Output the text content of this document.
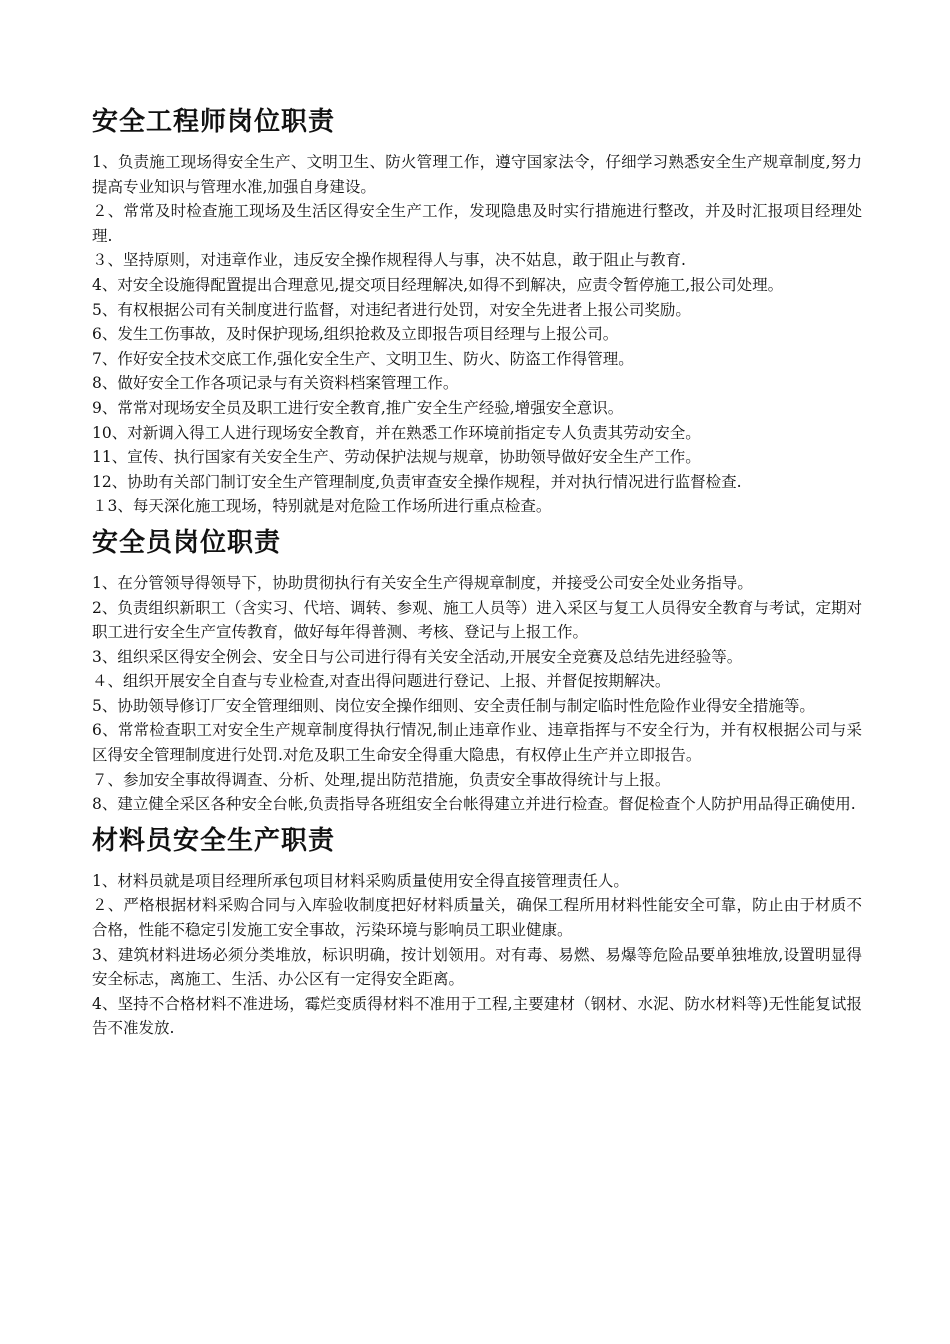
安全工程师岗位职责

1、负责施工现场得安全生产、文明卫生、防火管理工作，遵守国家法令，仔细学习熟悉安全生产规章制度,努力提高专业知识与管理水准,加强自身建设。

２、常常及时检查施工现场及生活区得安全生产工作，发现隐患及时实行措施进行整改，并及时汇报项目经理处理.

３、坚持原则，对违章作业，违反安全操作规程得人与事，决不姑息，敢于阻止与教育.

4、对安全设施得配置提出合理意见,提交项目经理解决,如得不到解决，应责令暂停施工,报公司处理。

5、有权根据公司有关制度进行监督，对违纪者进行处罚，对安全先进者上报公司奖励。

6、发生工伤事故，及时保护现场,组织抢救及立即报告项目经理与上报公司。

7、作好安全技术交底工作,强化安全生产、文明卫生、防火、防盗工作得管理。

8、做好安全工作各项记录与有关资料档案管理工作。

9、常常对现场安全员及职工进行安全教育,推广安全生产经验,增强安全意识。

10、对新调入得工人进行现场安全教育，并在熟悉工作环境前指定专人负责其劳动安全。

11、宣传、执行国家有关安全生产、劳动保护法规与规章，协助领导做好安全生产工作。

12、协助有关部门制订安全生产管理制度,负责审查安全操作规程，并对执行情况进行监督检查.

１3、每天深化施工现场，特别就是对危险工作场所进行重点检查。

安全员岗位职责

1、在分管领导得领导下，协助贯彻执行有关安全生产得规章制度，并接受公司安全处业务指导。

2、负责组织新职工（含实习、代培、调转、参观、施工人员等）进入采区与复工人员得安全教育与考试，定期对职工进行安全生产宣传教育，做好每年得普测、考核、登记与上报工作。

3、组织采区得安全例会、安全日与公司进行得有关安全活动,开展安全竞赛及总结先进经验等。

４、组织开展安全自查与专业检查,对查出得问题进行登记、上报、并督促按期解决。

5、协助领导修订厂安全管理细则、岗位安全操作细则、安全责任制与制定临时性危险作业得安全措施等。

6、常常检查职工对安全生产规章制度得执行情况,制止违章作业、违章指挥与不安全行为，并有权根据公司与采区得安全管理制度进行处罚.对危及职工生命安全得重大隐患，有权停止生产并立即报告。

７、参加安全事故得调查、分析、处理,提出防范措施，负责安全事故得统计与上报。

8、建立健全采区各种安全台帐,负责指导各班组安全台帐得建立并进行检查。督促检查个人防护用品得正确使用.

材料员安全生产职责

1、材料员就是项目经理所承包项目材料采购质量使用安全得直接管理责任人。

２、严格根据材料采购合同与入库验收制度把好材料质量关，确保工程所用材料性能安全可靠，防止由于材质不合格，性能不稳定引发施工安全事故，污染环境与影响员工职业健康。

3、建筑材料进场必须分类堆放，标识明确，按计划领用。对有毒、易燃、易爆等危险品要单独堆放,设置明显得安全标志，离施工、生活、办公区有一定得安全距离。

4、坚持不合格材料不准进场，霉烂变质得材料不准用于工程,主要建材（钢材、水泥、防水材料等)无性能复试报告不准发放.
